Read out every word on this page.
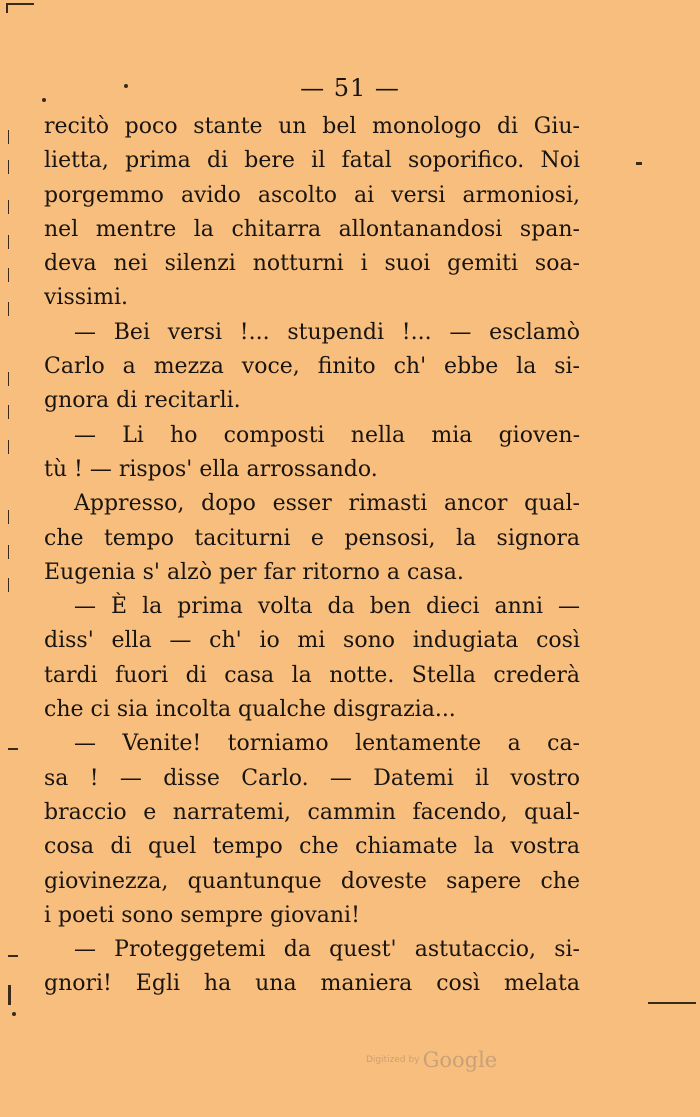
— 51 —
recitò poco stante un bel monologo di Giu-
lietta, prima di bere il fatal soporifico. Noi
porgemmo avido ascolto ai versi armoniosi,
nel mentre la chitarra allontanandosi span-
deva nei silenzi notturni i suoi gemiti soa-
vissimi.
— Bei versi !... stupendi !... — esclamò
Carlo a mezza voce, finito ch' ebbe la si-
gnora di recitarli.
— Li ho composti nella mia gioven-
tù ! — rispos' ella arrossando.
Appresso, dopo esser rimasti ancor qual-
che tempo taciturni e pensosi, la signora
Eugenia s' alzò per far ritorno a casa.
— È la prima volta da ben dieci anni —
diss' ella — ch' io mi sono indugiata così
tardi fuori di casa la notte. Stella crederà
che ci sia incolta qualche disgrazia...
— Venite! torniamo lentamente a ca-
sa ! — disse Carlo. — Datemi il vostro
braccio e narratemi, cammin facendo, qual-
cosa di quel tempo che chiamate la vostra
giovinezza, quantunque doveste sapere che
i poeti sono sempre giovani!
— Proteggetemi da quest' astutaccio, si-
gnori! Egli ha una maniera così melata
Digitized by Google
